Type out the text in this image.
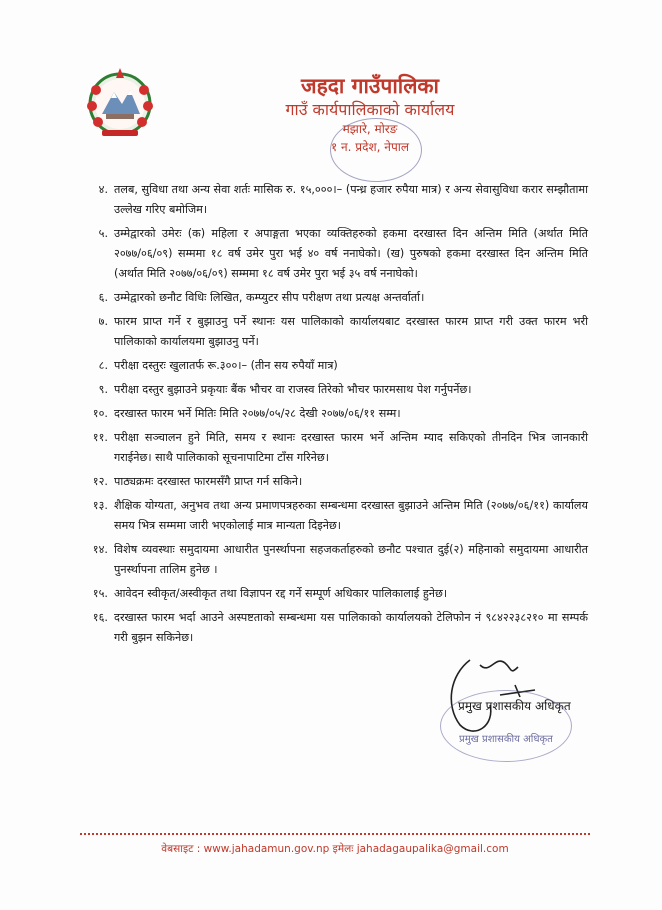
जहदा गाउँपालिका
गाउँ कार्यपालिकाको कार्यालय
मझारे, मोरङ
१ न. प्रदेश, नेपाल
४. तलब, सुविधा तथा अन्य सेवा शर्तः मासिक रु. १५,०००।– (पन्ध्र हजार रुपैया मात्र) र अन्य सेवासुविधा करार सम्झौतामा उल्लेख गरिए बमोजिम।
५. उम्मेद्वारको उमेरः (क) महिला र अपाङ्गता भएका व्यक्तिहरुको हकमा दरखास्त दिन अन्तिम मिति (अर्थात मिति २०७७/०६/०९) सम्ममा १८ वर्ष उमेर पुरा भई ४० वर्ष ननाघेको। (ख) पुरुषको हकमा दरखास्त दिन अन्तिम मिति (अर्थात मिति २०७७/०६/०९) सम्ममा १८ वर्ष उमेर पुरा भई ३५ वर्ष ननाघेको।
६. उम्मेद्वारको छनौट विधिः लिखित, कम्प्युटर सीप परीक्षण तथा प्रत्यक्ष अन्तर्वार्ता।
७. फारम प्राप्त गर्ने र बुझाउनु पर्ने स्थानः यस पालिकाको कार्यालयबाट दरखास्त फारम प्राप्त गरी उक्त फारम भरी पालिकाको कार्यालयमा बुझाउनु पर्ने।
८. परीक्षा दस्तुरः खुलातर्फ रू.३००।– (तीन सय रुपैयाँ मात्र)
९. परीक्षा दस्तुर बुझाउने प्रकृयाः बैंक भौचर वा राजस्व तिरेको भौचर फारमसाथ पेश गर्नुपर्नेछ।
१०. दरखास्त फारम भर्ने मितिः मिति २०७७/०५/२८ देखी २०७७/०६/११ सम्म।
११. परीक्षा सञ्चालन हुने मिति, समय र स्थानः दरखास्त फारम भर्ने अन्तिम म्याद सकिएको तीनदिन भित्र जानकारी गराईनेछ। साथै पालिकाको सूचनापाटिमा टाँस गरिनेछ।
१२. पाठ्यक्रमः दरखास्त फारमसँगै प्राप्त गर्न सकिने।
१३. शैक्षिक योग्यता, अनुभव तथा अन्य प्रमाणपत्रहरुका सम्बन्धमा दरखास्त बुझाउने अन्तिम मिति (२०७७/०६/११) कार्यालय समय भित्र सम्ममा जारी भएकोलाई मात्र मान्यता दिइनेछ।
१४. विशेष व्यवस्थाः समुदायमा आधारीत पुनर्स्थापना सहजकर्ताहरुको छनौट पश्चात दुई(२) महिनाको समुदायमा आधारीत पुनर्स्थापना तालिम हुनेछ ।
१५. आवेदन स्वीकृत/अस्वीकृत तथा विज्ञापन रद्द गर्ने सम्पूर्ण अधिकार पालिकालाई हुनेछ।
१६. दरखास्त फारम भर्दा आउने अस्पष्टताको सम्बन्धमा यस पालिकाको कार्यालयको टेलिफोन नं ९८४२२३८२१० मा सम्पर्क गरी बुझन सकिनेछ।
प्रमुख प्रशासकीय अधिकृत
प्रमुख प्रशासकीय अधिकृत
वेबसाइट : www.jahadamun.gov.np इमेलः jahadagaupalika@gmail.com
